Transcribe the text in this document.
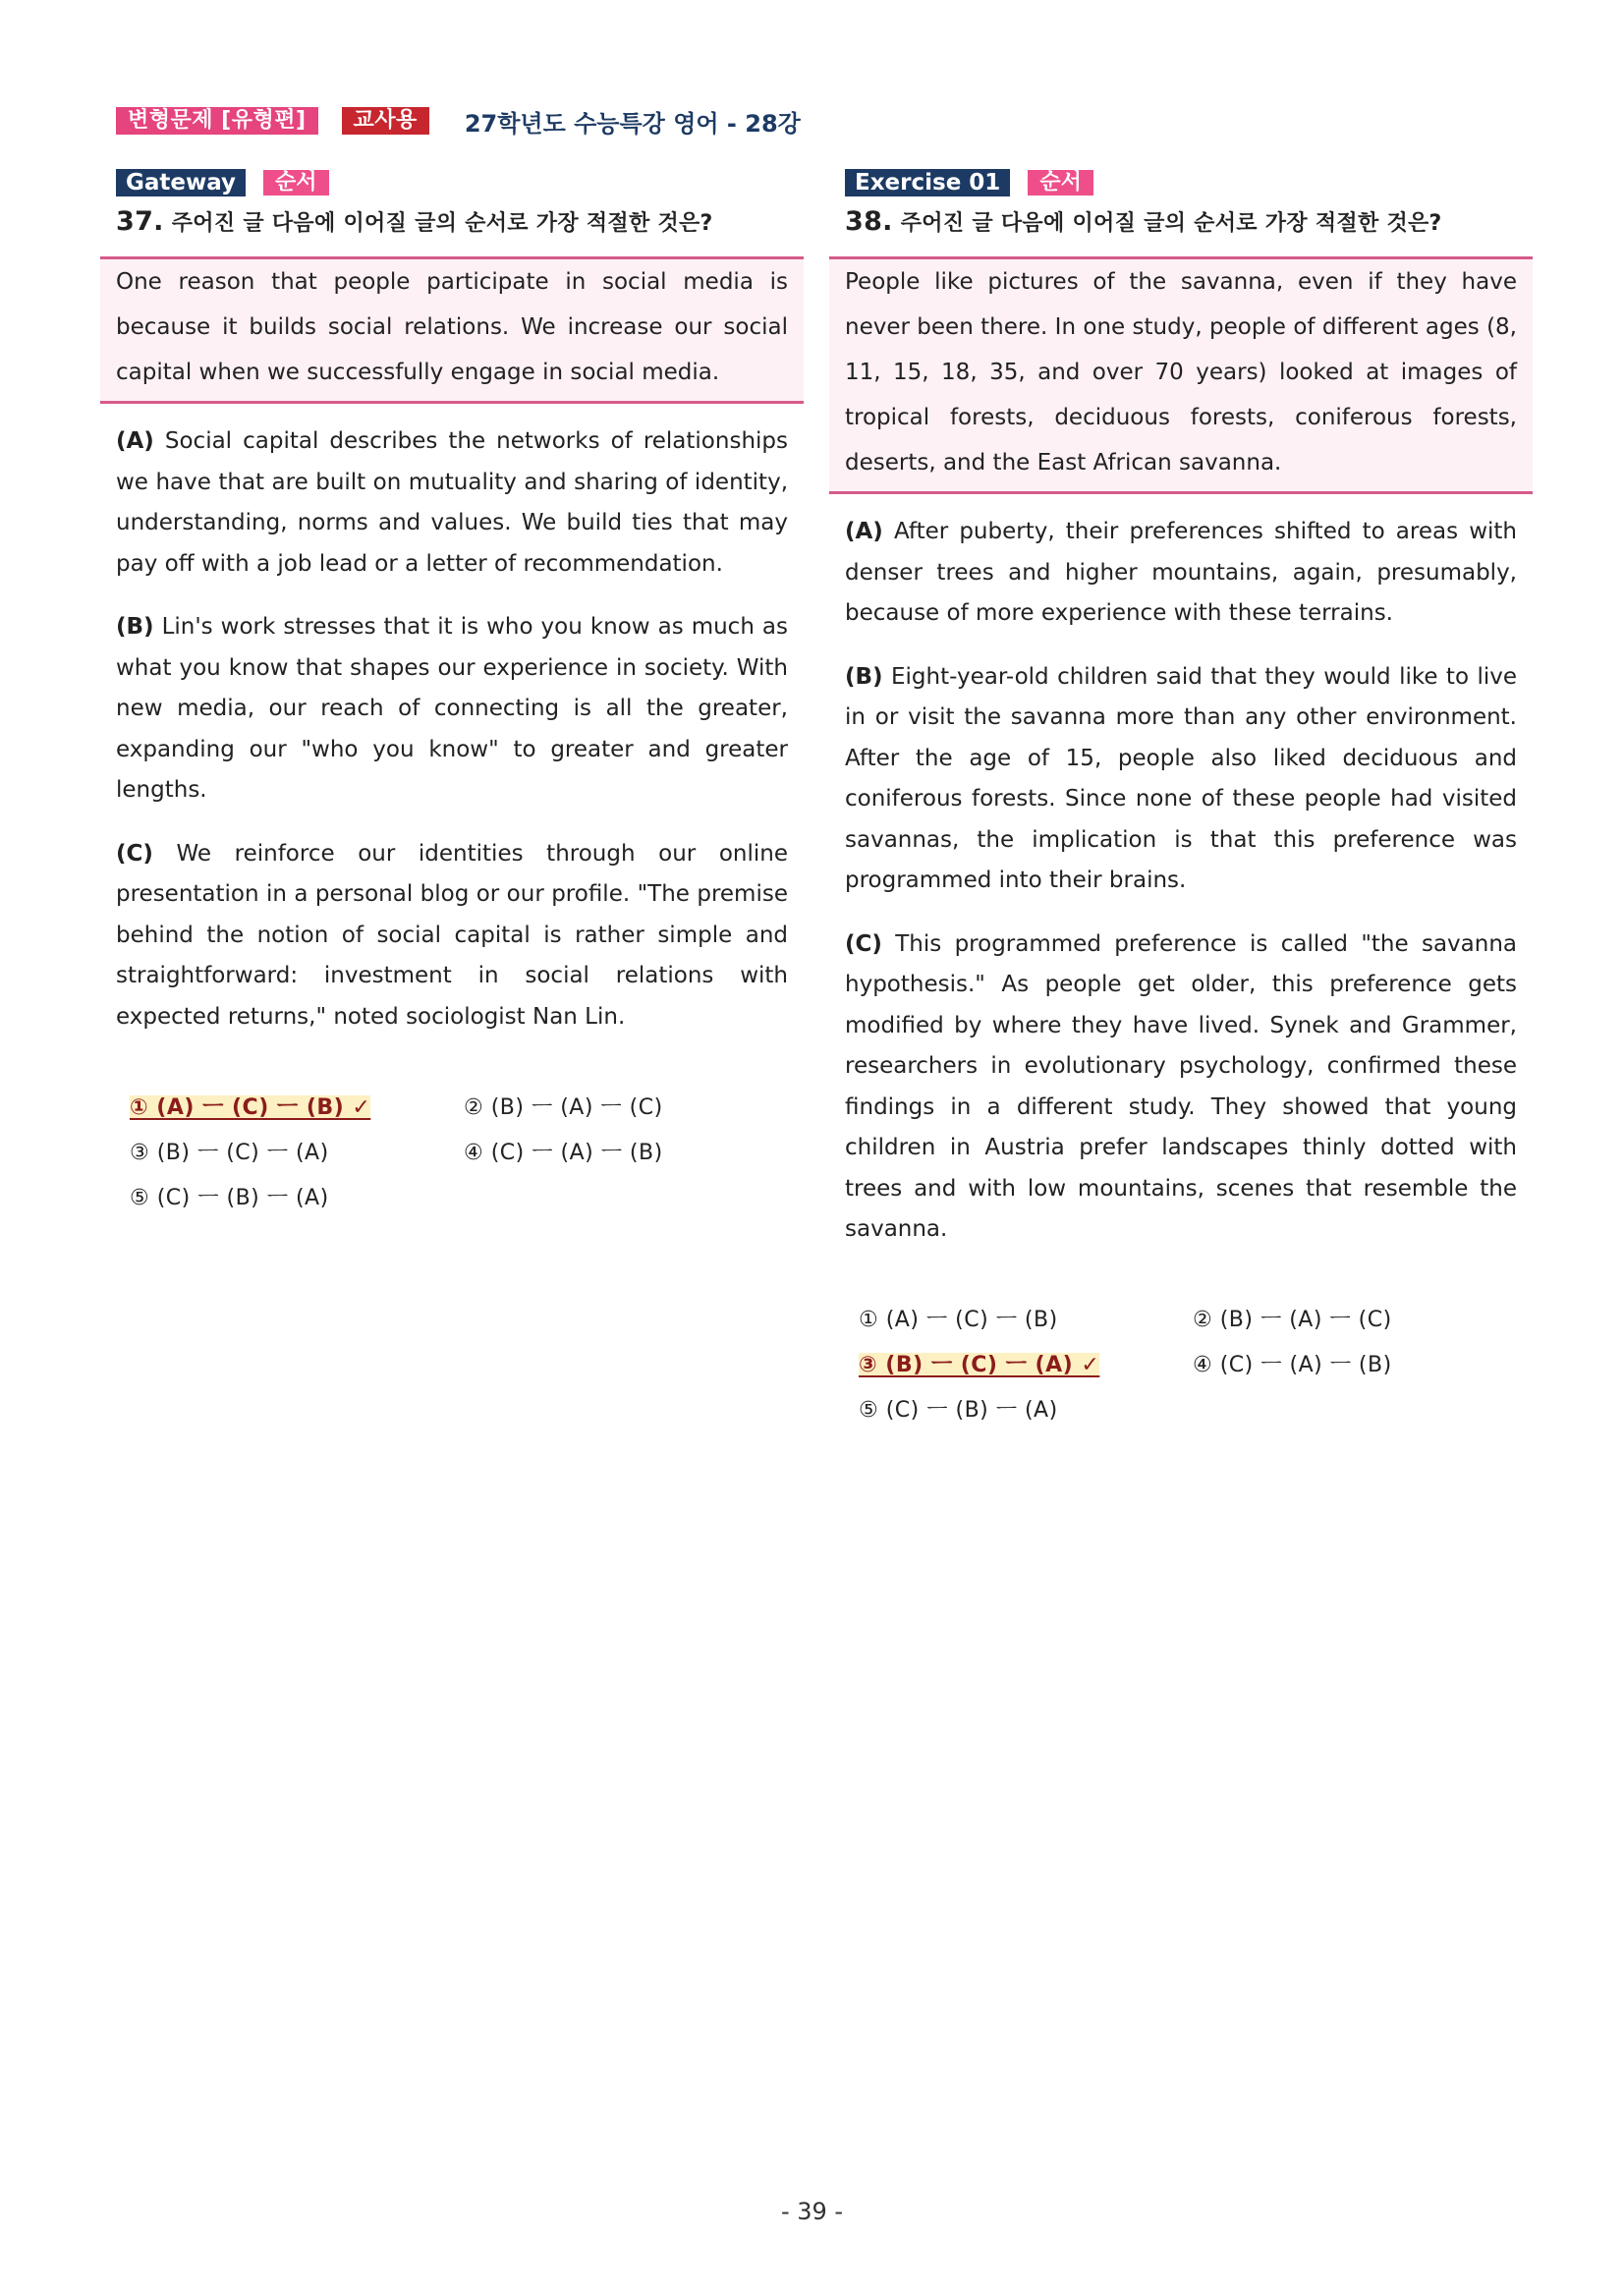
변형문제 [유형편]	교사용	27학년도 수능특강 영어 - 28강
Gateway	순서
37. 주어진 글 다음에 이어질 글의 순서로 가장 적절한 것은?
One reason that people participate in social media is because it builds social relations. We increase our social capital when we successfully engage in social media.
(A) Social capital describes the networks of relationships we have that are built on mutuality and sharing of identity, understanding, norms and values. We build ties that may pay off with a job lead or a letter of recommendation.
(B) Lin's work stresses that it is who you know as much as what you know that shapes our experience in society. With new media, our reach of connecting is all the greater, expanding our "who you know" to greater and greater lengths.
(C) We reinforce our identities through our online presentation in a personal blog or our profile. "The premise behind the notion of social capital is rather simple and straightforward: investment in social relations with expected returns," noted sociologist Nan Lin.
① (A) ㅡ (C) ㅡ (B) ✓	② (B) ㅡ (A) ㅡ (C)
③ (B) ㅡ (C) ㅡ (A)	④ (C) ㅡ (A) ㅡ (B)
⑤ (C) ㅡ (B) ㅡ (A)
Exercise 01	순서
38. 주어진 글 다음에 이어질 글의 순서로 가장 적절한 것은?
People like pictures of the savanna, even if they have never been there. In one study, people of different ages (8, 11, 15, 18, 35, and over 70 years) looked at images of tropical forests, deciduous forests, coniferous forests, deserts, and the East African savanna.
(A) After puberty, their preferences shifted to areas with denser trees and higher mountains, again, presumably, because of more experience with these terrains.
(B) Eight-year-old children said that they would like to live in or visit the savanna more than any other environment. After the age of 15, people also liked deciduous and coniferous forests. Since none of these people had visited savannas, the implication is that this preference was programmed into their brains.
(C) This programmed preference is called "the savanna hypothesis." As people get older, this preference gets modified by where they have lived. Synek and Grammer, researchers in evolutionary psychology, confirmed these findings in a different study. They showed that young children in Austria prefer landscapes thinly dotted with trees and with low mountains, scenes that resemble the savanna.
① (A) ㅡ (C) ㅡ (B)	② (B) ㅡ (A) ㅡ (C)
③ (B) ㅡ (C) ㅡ (A) ✓	④ (C) ㅡ (A) ㅡ (B)
⑤ (C) ㅡ (B) ㅡ (A)
- 39 -
